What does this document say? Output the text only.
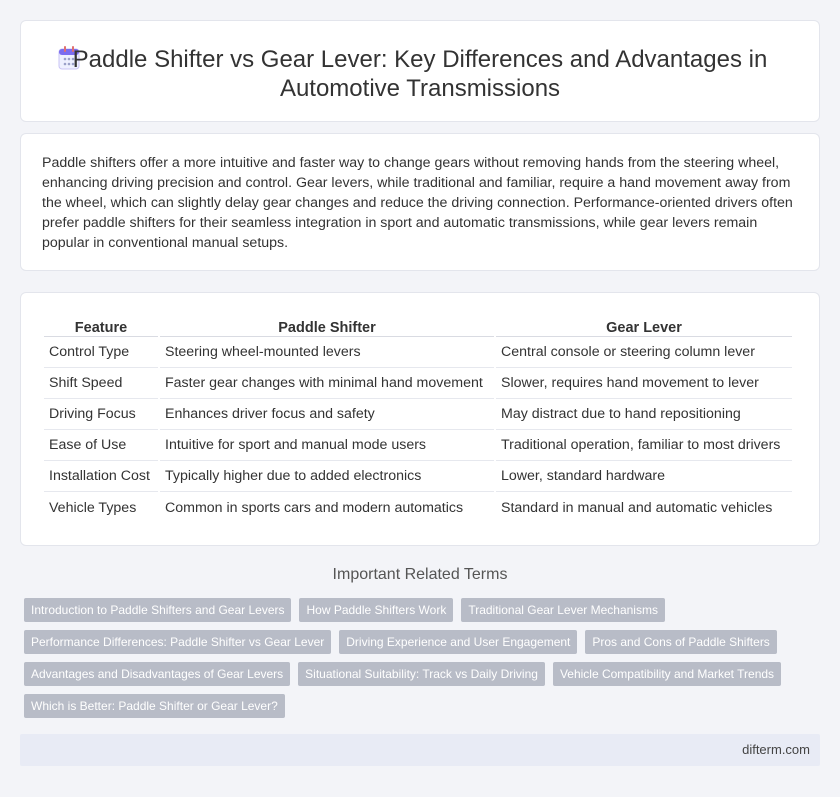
Paddle Shifter vs Gear Lever: Key Differences and Advantages in Automotive Transmissions

Paddle shifters offer a more intuitive and faster way to change gears without removing hands from the steering wheel, enhancing driving precision and control. Gear levers, while traditional and familiar, require a hand movement away from the wheel, which can slightly delay gear changes and reduce the driving connection. Performance-oriented drivers often prefer paddle shifters for their seamless integration in sport and automatic transmissions, while gear levers remain popular in conventional manual setups.

Feature	Paddle Shifter	Gear Lever
Control Type	Steering wheel-mounted levers	Central console or steering column lever
Shift Speed	Faster gear changes with minimal hand movement	Slower, requires hand movement to lever
Driving Focus	Enhances driver focus and safety	May distract due to hand repositioning
Ease of Use	Intuitive for sport and manual mode users	Traditional operation, familiar to most drivers
Installation Cost	Typically higher due to added electronics	Lower, standard hardware
Vehicle Types	Common in sports cars and modern automatics	Standard in manual and automatic vehicles
Important Related Terms
Introduction to Paddle Shifters and Gear Levers	How Paddle Shifters Work	Traditional Gear Lever Mechanisms
Performance Differences: Paddle Shifter vs Gear Lever	Driving Experience and User Engagement	Pros and Cons of Paddle Shifters
Advantages and Disadvantages of Gear Levers	Situational Suitability: Track vs Daily Driving	Vehicle Compatibility and Market Trends
Which is Better: Paddle Shifter or Gear Lever?
difterm.com
